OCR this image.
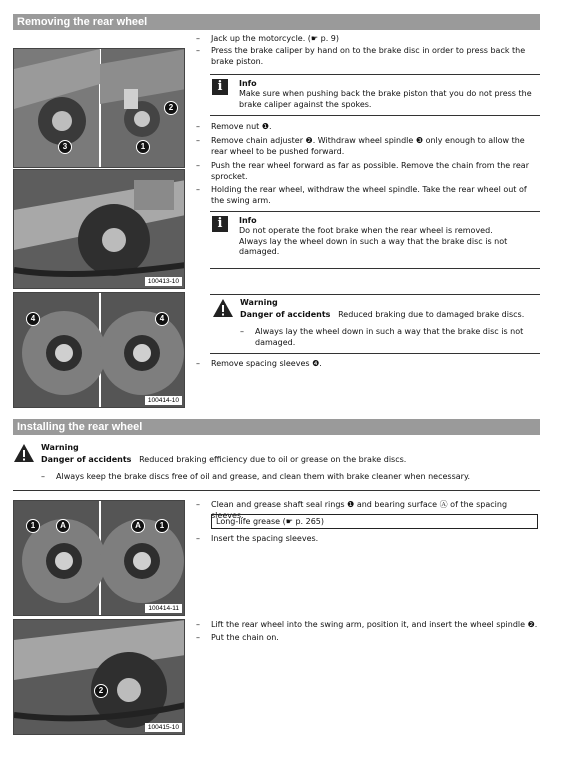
Removing the rear wheel
3
2
1
100413-10
4	4
100414-10
– Jack up the motorcycle. (☛ p. 9)
– Press the brake caliper by hand on to the brake disc in order to press back the brake piston.
i	Info
Make sure when pushing back the brake piston that you do not press the brake caliper against the spokes.
– Remove nut ❶.
– Remove chain adjuster ❷. Withdraw wheel spindle ❸ only enough to allow the rear wheel to be pushed forward.
– Push the rear wheel forward as far as possible. Remove the chain from the rear sprocket.
– Holding the rear wheel, withdraw the wheel spindle. Take the rear wheel out of the swing arm.
i	Info
Do not operate the foot brake when the rear wheel is removed.
Always lay the wheel down in such a way that the brake disc is not damaged.
Warning
Danger of accidents Reduced braking due to damaged brake discs.
– Always lay the wheel down in such a way that the brake disc is not damaged.
– Remove spacing sleeves ❹.
Installing the rear wheel
Warning
Danger of accidents Reduced braking efficiency due to oil or grease on the brake discs.
– Always keep the brake discs free of oil and grease, and clean them with brake cleaner when necessary.
1	A	A	1
100414-11
– Clean and grease shaft seal rings ❶ and bearing surface Ⓐ of the spacing sleeves.
Long-life grease (☛ p. 265)
– Insert the spacing sleeves.
2
100415-10
– Lift the rear wheel into the swing arm, position it, and insert the wheel spindle ❷.
– Put the chain on.
